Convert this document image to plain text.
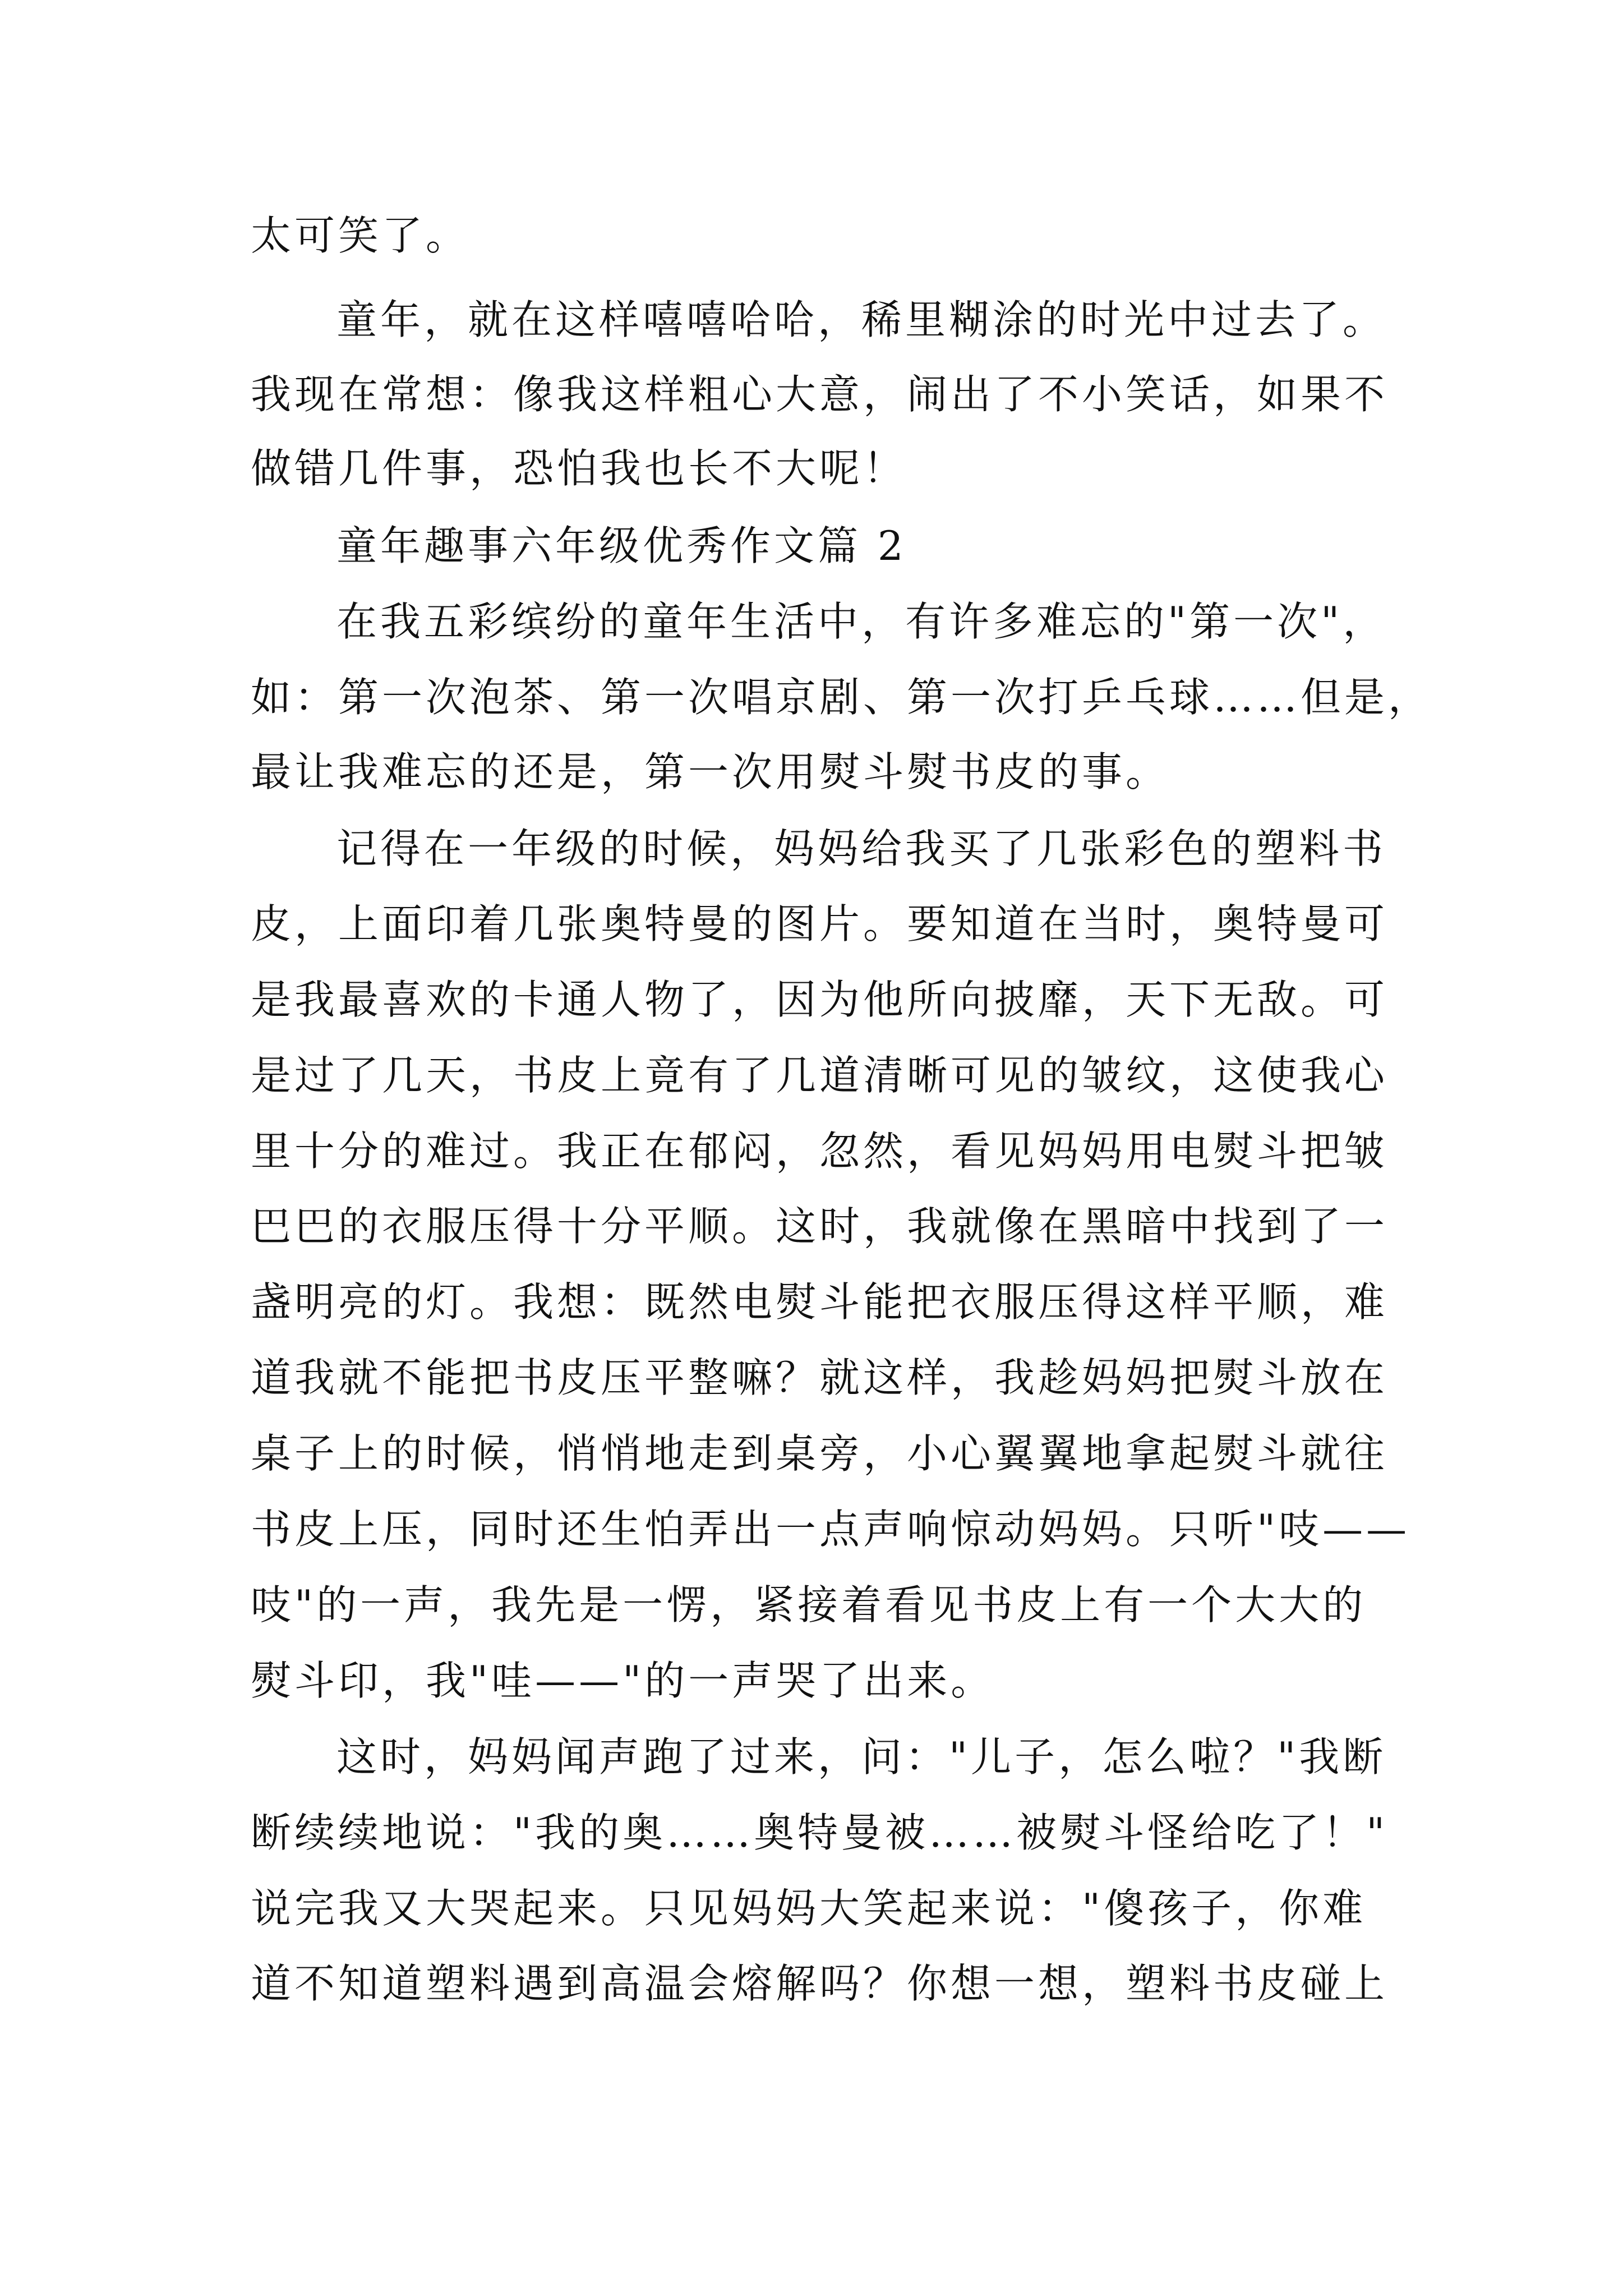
太可笑了。
童年，就在这样嘻嘻哈哈，稀里糊涂的时光中过去了。
我现在常想：像我这样粗心大意，闹出了不小笑话，如果不
做错几件事，恐怕我也长不大呢！
童年趣事六年级优秀作文篇 2
在我五彩缤纷的童年生活中，有许多难忘的"第一次"，
如：第一次泡茶、第一次唱京剧、第一次打乒乓球……但是，
最让我难忘的还是，第一次用熨斗熨书皮的事。
记得在一年级的时候，妈妈给我买了几张彩色的塑料书
皮，上面印着几张奥特曼的图片。要知道在当时，奥特曼可
是我最喜欢的卡通人物了，因为他所向披靡，天下无敌。可
是过了几天，书皮上竟有了几道清晰可见的皱纹，这使我心
里十分的难过。我正在郁闷，忽然，看见妈妈用电熨斗把皱
巴巴的衣服压得十分平顺。这时，我就像在黑暗中找到了一
盏明亮的灯。我想：既然电熨斗能把衣服压得这样平顺，难
道我就不能把书皮压平整嘛？就这样，我趁妈妈把熨斗放在
桌子上的时候，悄悄地走到桌旁，小心翼翼地拿起熨斗就往
书皮上压，同时还生怕弄出一点声响惊动妈妈。只听"吱——
吱"的一声，我先是一愣，紧接着看见书皮上有一个大大的
熨斗印，我"哇——"的一声哭了出来。
这时，妈妈闻声跑了过来，问："儿子，怎么啦？"我断
断续续地说："我的奥……奥特曼被……被熨斗怪给吃了！"
说完我又大哭起来。只见妈妈大笑起来说："傻孩子，你难
道不知道塑料遇到高温会熔解吗？你想一想，塑料书皮碰上
